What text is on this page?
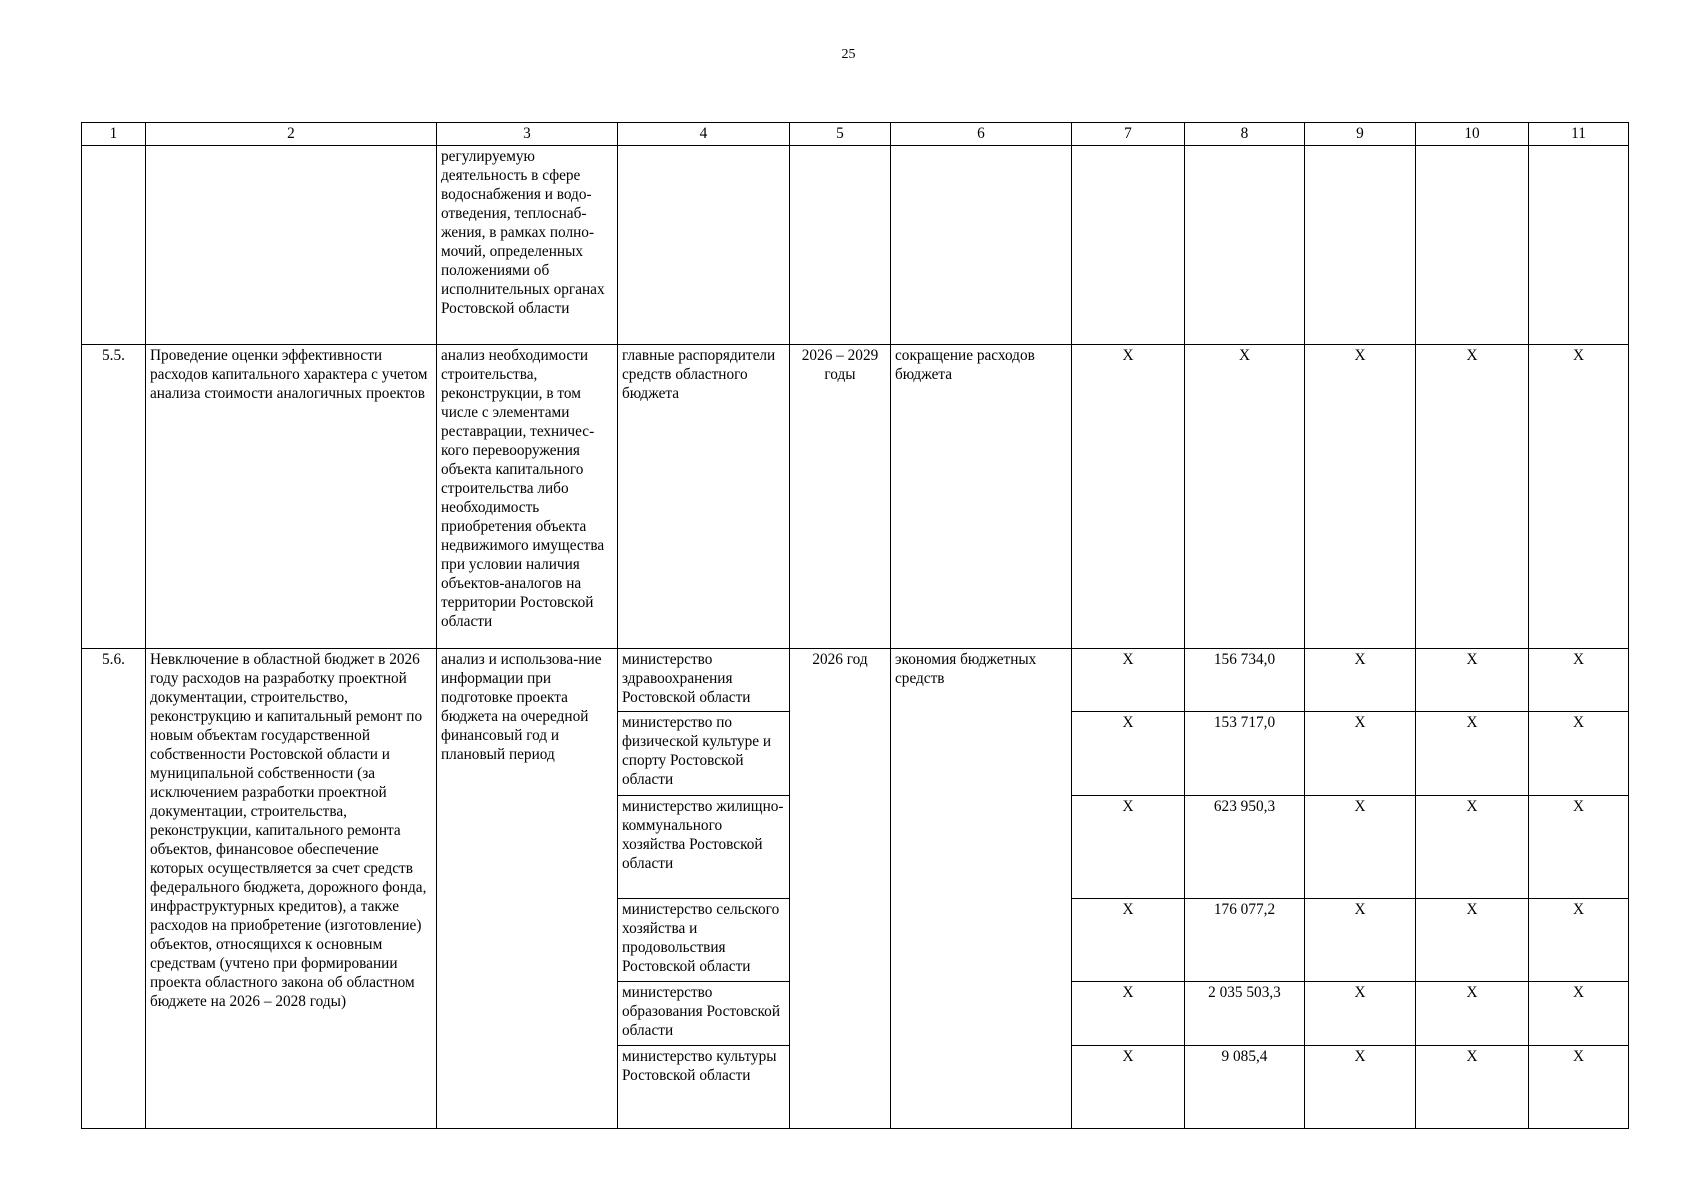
25
1	2	3	4	5	6	7	8	9	10	11
		регулируемую деятельность в сфере водоснабжения и водо-отведения, теплоснаб-жения, в рамках полно-мочий, определенных положениями об исполнительных органах Ростовской области								
5.5.	Проведение оценки эффективности расходов капитального характера с учетом анализа стоимости аналогичных проектов	анализ необходимости строительства, реконструкции, в том числе с элементами реставрации, техничес-кого перевооружения объекта капитального строительства либо необходимость приобретения объекта недвижимого имущества при условии наличия объектов-аналогов на территории Ростовской области	главные распорядители средств областного бюджета	2026 – 2029 годы	сокращение расходов бюджета	X	X	X	X	X
5.6.	Невключение в областной бюджет в 2026 году расходов на разработку проектной документации, строительство, реконструкцию и капитальный ремонт по новым объектам государственной собственности Ростовской области и муниципальной собственности (за исключением разработки проектной документации, строительства, реконструкции, капитального ремонта объектов, финансовое обеспечение которых осуществляется за счет средств федерального бюджета, дорожного фонда, инфраструктурных кредитов), а также расходов на приобретение (изготовление) объектов, относящихся к основным средствам (учтено при формировании проекта областного закона об областном бюджете на 2026 – 2028 годы)	анализ и использова-ние информации при подготовке проекта бюджета на очередной финансовый год и плановый период	министерство здравоохранения Ростовской области	2026 год	экономия бюджетных средств	X	156 734,0	X	X	X
			министерство по физической культуре и спорту Ростовской области			X	153 717,0	X	X	X
			министерство жилищно-коммунального хозяйства Ростовской области			X	623 950,3	X	X	X
			министерство сельского хозяйства и продовольствия Ростовской области			X	176 077,2	X	X	X
			министерство образования Ростовской области			X	2 035 503,3	X	X	X
			министерство культуры Ростовской области			X	9 085,4	X	X	X
